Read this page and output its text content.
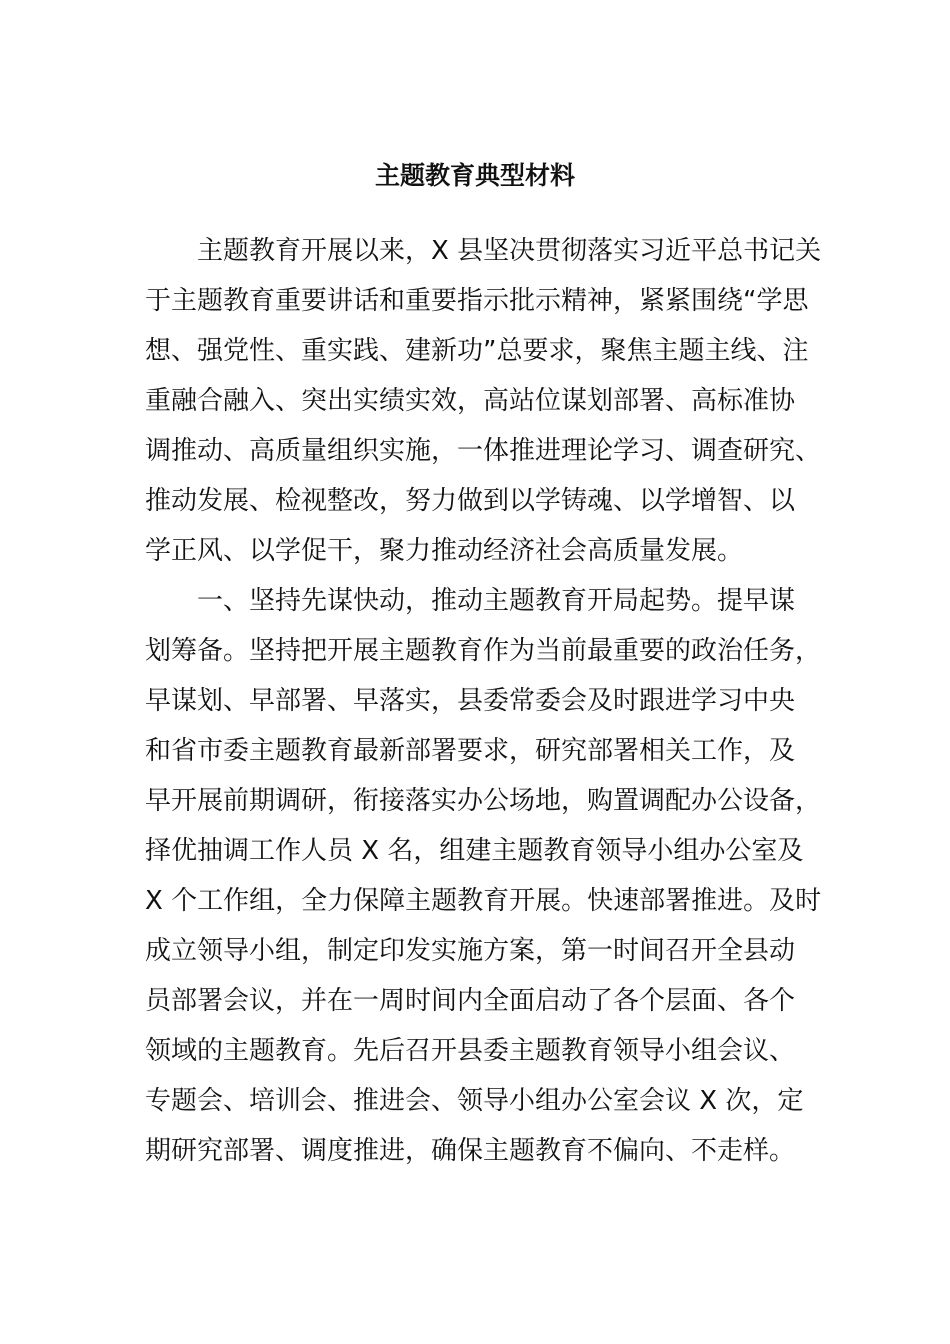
主题教育典型材料
主题教育开展以来，X 县坚决贯彻落实习近平总书记关
于主题教育重要讲话和重要指示批示精神，紧紧围绕“学思
想、强党性、重实践、建新功”总要求，聚焦主题主线、注
重融合融入、突出实绩实效，高站位谋划部署、高标准协
调推动、高质量组织实施，一体推进理论学习、调查研究、
推动发展、检视整改，努力做到以学铸魂、以学增智、以
学正风、以学促干，聚力推动经济社会高质量发展。
一、坚持先谋快动，推动主题教育开局起势。提早谋
划筹备。坚持把开展主题教育作为当前最重要的政治任务，
早谋划、早部署、早落实，县委常委会及时跟进学习中央
和省市委主题教育最新部署要求，研究部署相关工作，及
早开展前期调研，衔接落实办公场地，购置调配办公设备，
择优抽调工作人员 X 名，组建主题教育领导小组办公室及
X 个工作组，全力保障主题教育开展。快速部署推进。及时
成立领导小组，制定印发实施方案，第一时间召开全县动
员部署会议，并在一周时间内全面启动了各个层面、各个
领域的主题教育。先后召开县委主题教育领导小组会议、
专题会、培训会、推进会、领导小组办公室会议 X 次，定
期研究部署、调度推进，确保主题教育不偏向、不走样。
